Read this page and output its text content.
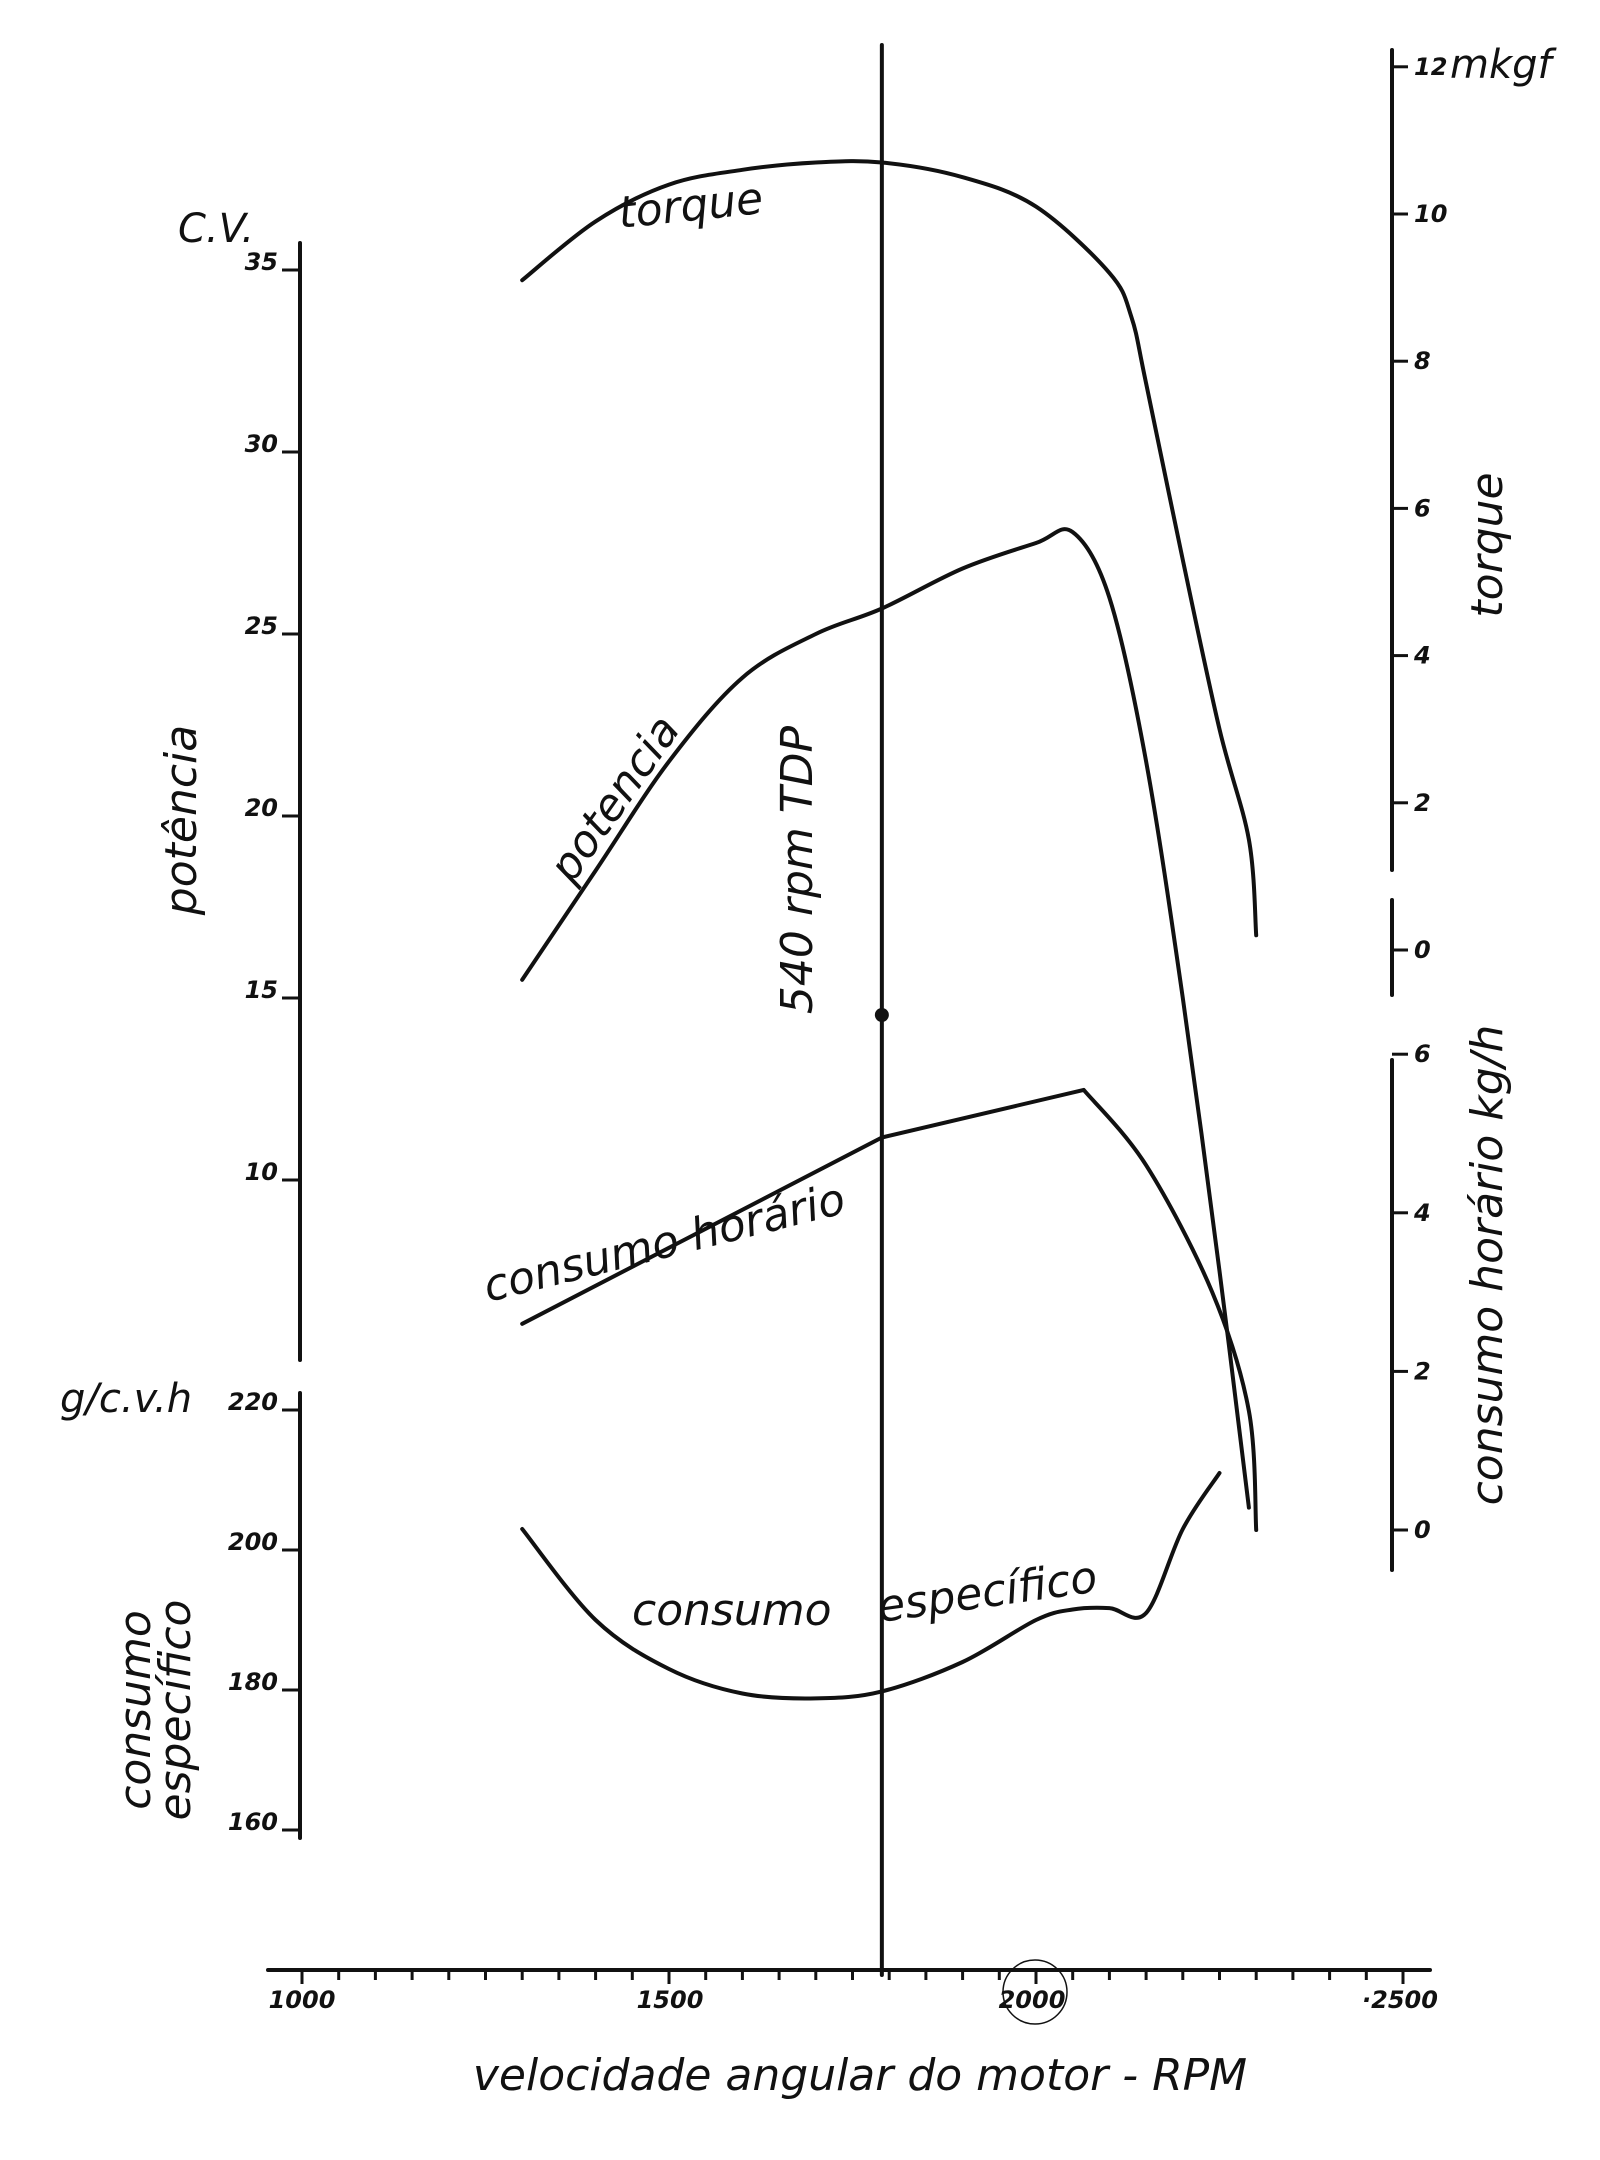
1000	1500	2000	·2500
velocidade angular do motor - RPM
35
30
25
20
15
10
C.V.
potência
220
200
180
160
g/c.v.h
consumo
específico
12
10
8
6
4
2
0
mkgf
torque
6
4
2
0
consumo horário kg/h
540 rpm TDP
torque
potencia
consumo horário
consumo específico
